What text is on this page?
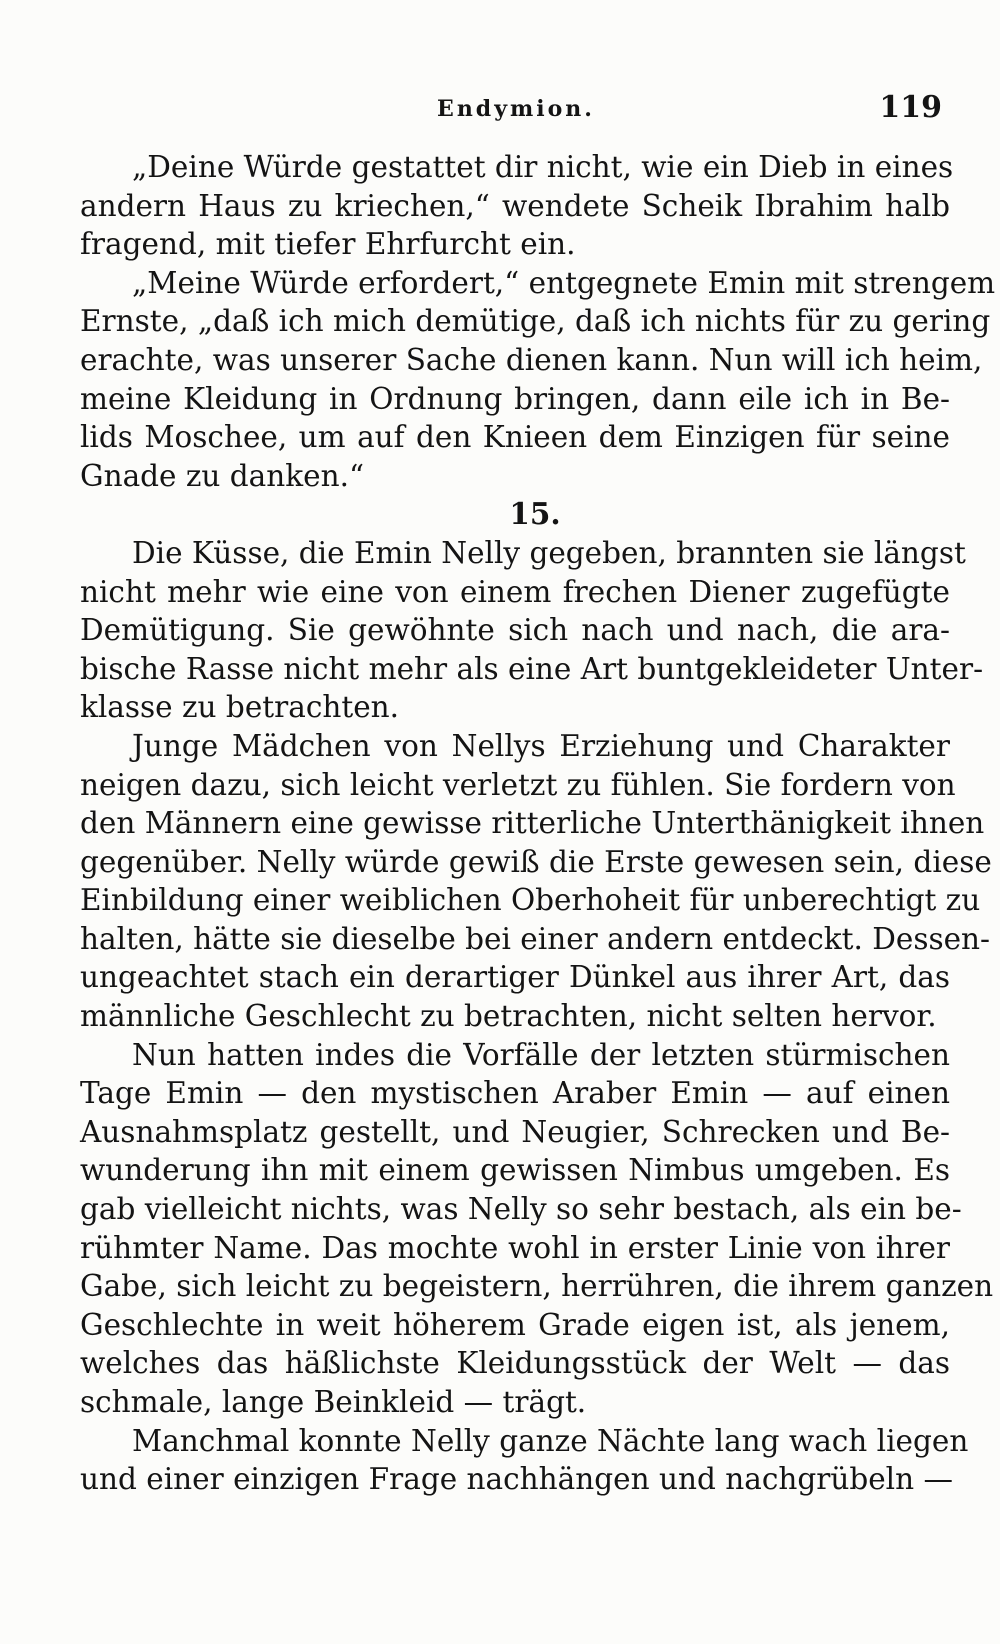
Endymion.	119
„Deine Würde gestattet dir nicht, wie ein Dieb in eines
andern Haus zu kriechen,“ wendete Scheik Ibrahim halb
fragend, mit tiefer Ehrfurcht ein.
„Meine Würde erfordert,“ entgegnete Emin mit strengem
Ernste, „daß ich mich demütige, daß ich nichts für zu gering
erachte, was unserer Sache dienen kann. Nun will ich heim,
meine Kleidung in Ordnung bringen, dann eile ich in Be-
lids Moschee, um auf den Knieen dem Einzigen für seine
Gnade zu danken.“
15.
Die Küsse, die Emin Nelly gegeben, brannten sie längst
nicht mehr wie eine von einem frechen Diener zugefügte
Demütigung. Sie gewöhnte sich nach und nach, die ara-
bische Rasse nicht mehr als eine Art buntgekleideter Unter-
klasse zu betrachten.
Junge Mädchen von Nellys Erziehung und Charakter
neigen dazu, sich leicht verletzt zu fühlen. Sie fordern von
den Männern eine gewisse ritterliche Unterthänigkeit ihnen
gegenüber. Nelly würde gewiß die Erste gewesen sein, diese
Einbildung einer weiblichen Oberhoheit für unberechtigt zu
halten, hätte sie dieselbe bei einer andern entdeckt. Dessen-
ungeachtet stach ein derartiger Dünkel aus ihrer Art, das
männliche Geschlecht zu betrachten, nicht selten hervor.
Nun hatten indes die Vorfälle der letzten stürmischen
Tage Emin — den mystischen Araber Emin — auf einen
Ausnahmsplatz gestellt, und Neugier, Schrecken und Be-
wunderung ihn mit einem gewissen Nimbus umgeben. Es
gab vielleicht nichts, was Nelly so sehr bestach, als ein be-
rühmter Name. Das mochte wohl in erster Linie von ihrer
Gabe, sich leicht zu begeistern, herrühren, die ihrem ganzen
Geschlechte in weit höherem Grade eigen ist, als jenem,
welches das häßlichste Kleidungsstück der Welt — das
schmale, lange Beinkleid — trägt.
Manchmal konnte Nelly ganze Nächte lang wach liegen
und einer einzigen Frage nachhängen und nachgrübeln —
